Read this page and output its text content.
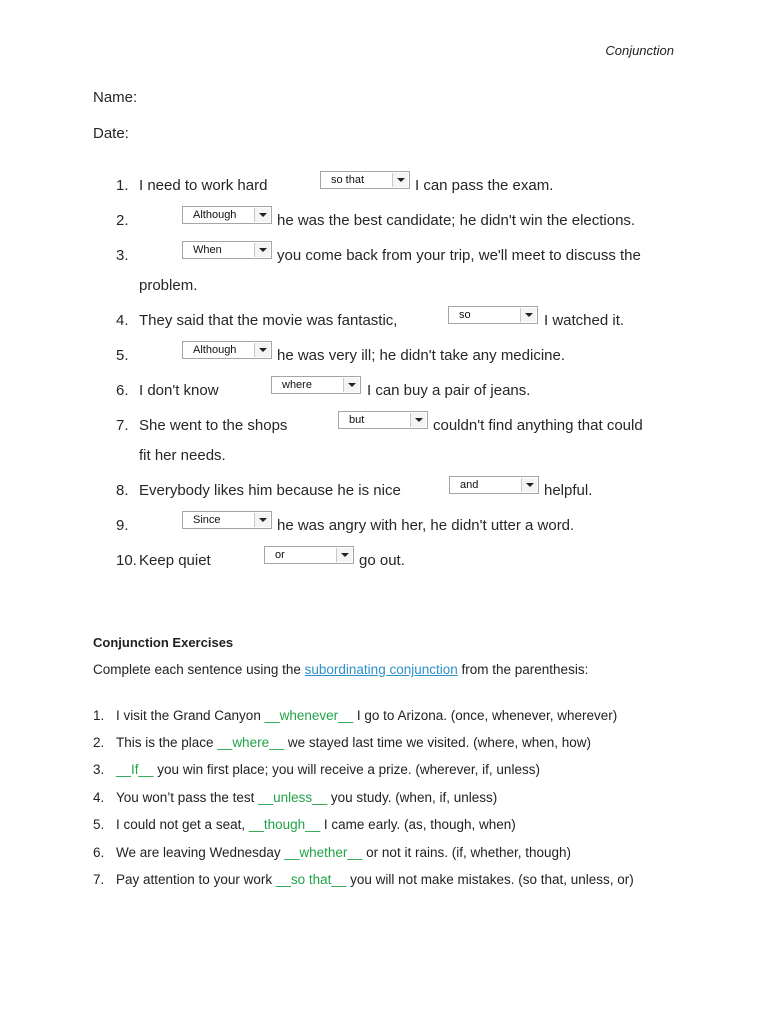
Conjunction
Name:
Date:
1. I need to work hard	so that	I can pass the exam.
2.	Although	he was the best candidate; he didn't win the elections.
3.	When	you come back from your trip, we'll meet to discuss the
problem.
4. They said that the movie was fantastic,	so	I watched it.
5.	Although	he was very ill; he didn't take any medicine.
6. I don't know	where	I can buy a pair of jeans.
7. She went to the shops	but	couldn't find anything that could
fit her needs.
8. Everybody likes him because he is nice	and	helpful.
9.	Since	he was angry with her, he didn't utter a word.
10. Keep quiet	or	go out.
Conjunction Exercises
Complete each sentence using the subordinating conjunction from the parenthesis:
1. I visit the Grand Canyon __whenever__ I go to Arizona. (once, whenever, wherever)
2. This is the place __where__ we stayed last time we visited. (where, when, how)
3. __If__ you win first place; you will receive a prize. (wherever, if, unless)
4. You won’t pass the test __unless__ you study. (when, if, unless)
5. I could not get a seat, __though__ I came early. (as, though, when)
6. We are leaving Wednesday __whether__ or not it rains. (if, whether, though)
7. Pay attention to your work __so that__ you will not make mistakes. (so that, unless, or)
